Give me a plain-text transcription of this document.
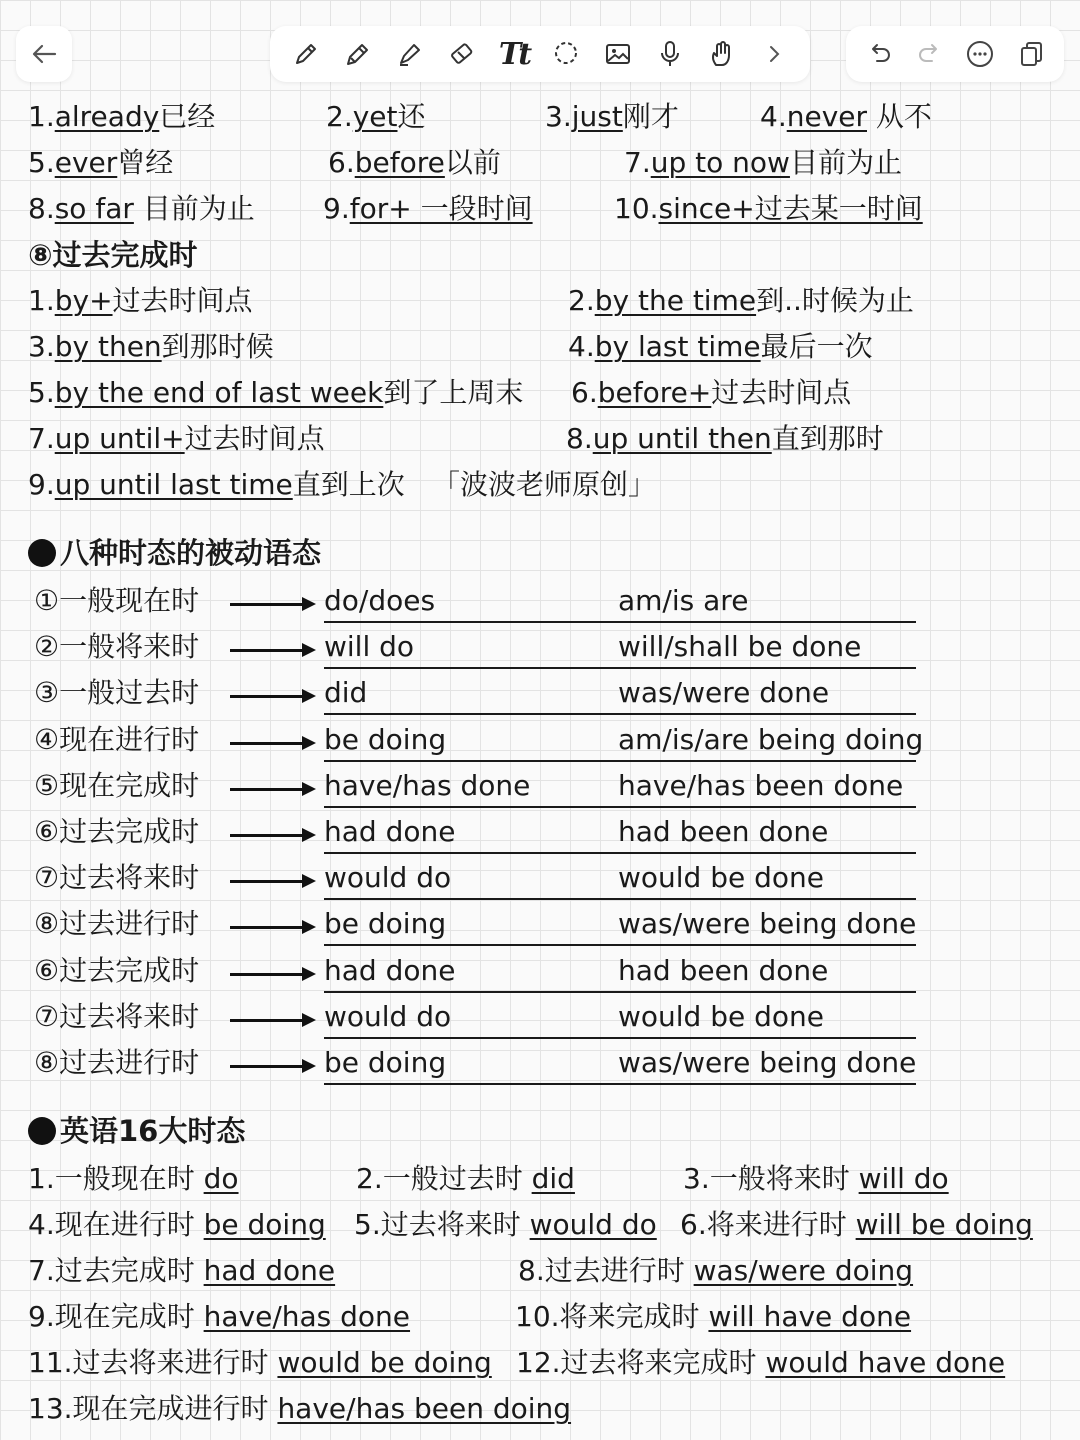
Tt
1.already已经	2.yet还	3.just刚才	4.never 从不
5.ever曾经	6.before以前	7.up to now目前为止
8.so far 目前为止 9.for+ 一段时间	10.since+过去某一时间
⑧过去完成时
1.by+过去时间点	2.by the time到..时候为止
3.by then到那时候	4.by last time最后一次
5.by the end of last week到了上周末 6.before+过去时间点
7.up until+过去时间点	8.up until then直到那时
9.up until last time直到上次 「波波老师原创」
八种时态的被动语态
①一般现在时	do/does	am/is are
②一般将来时	will do	will/shall be done
③一般过去时	did	was/were done
④现在进行时	be doing	am/is/are being doing
⑤现在完成时	have/has done	have/has been done
⑥过去完成时	had done	had been done
⑦过去将来时	would do	would be done
⑧过去进行时	be doing	was/were being done
⑥过去完成时	had done	had been done
⑦过去将来时	would do	would be done
⑧过去进行时	be doing	was/were being done
英语16大时态
1.一般现在时 do	2.一般过去时 did	3.一般将来时 will do
4.现在进行时 be doing 5.过去将来时 would do 6.将来进行时 will be doing
7.过去完成时 had done	8.过去进行时 was/were doing
9.现在完成时 have/has done	10.将来完成时 will have done
11.过去将来进行时 would be doing 12.过去将来完成时 would have done
13.现在完成进行时 have/has been doing
